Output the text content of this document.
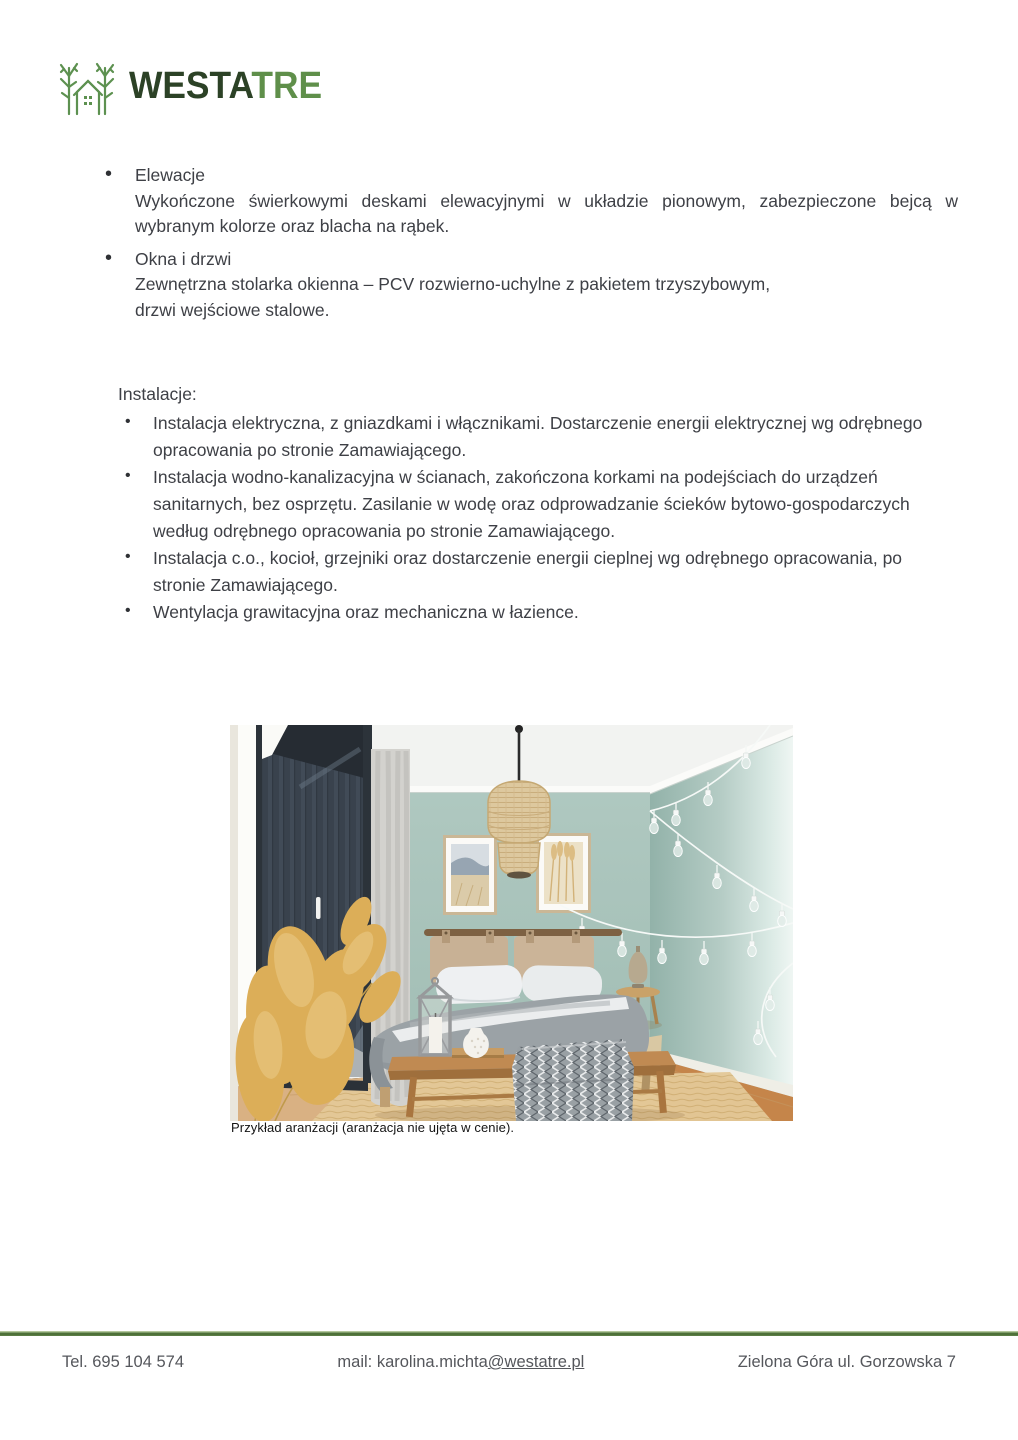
WESTATRE
• Elewacje

Wykończone świerkowymi deskami elewacyjnymi w układzie pionowym, zabezpieczone bejcą w wybranym kolorze oraz blacha na rąbek.

• Okna i drzwi
Zewnętrzna stolarka okienna – PCV rozwierno-uchylne z pakietem trzyszybowym,
drzwi wejściowe stalowe.
Instalacje:
• Instalacja elektryczna, z gniazdkami i włącznikami. Dostarczenie energii elektrycznej wg odrębnego opracowania po stronie Zamawiającego.
• Instalacja wodno-kanalizacyjna w ścianach, zakończona korkami na podejściach do urządzeń sanitarnych, bez osprzętu. Zasilanie w wodę oraz odprowadzanie ścieków bytowo-gospodarczych według odrębnego opracowania po stronie Zamawiającego.
• Instalacja c.o., kocioł, grzejniki oraz dostarczenie energii cieplnej wg odrębnego opracowania, po stronie Zamawiającego.
• Wentylacja grawitacyjna oraz mechaniczna w łazience.
Przykład aranżacji (aranżacja nie ujęta w cenie).
Tel. 695 104 574	mail: karolina.michta@westatre.pl	Zielona Góra ul. Gorzowska 7
